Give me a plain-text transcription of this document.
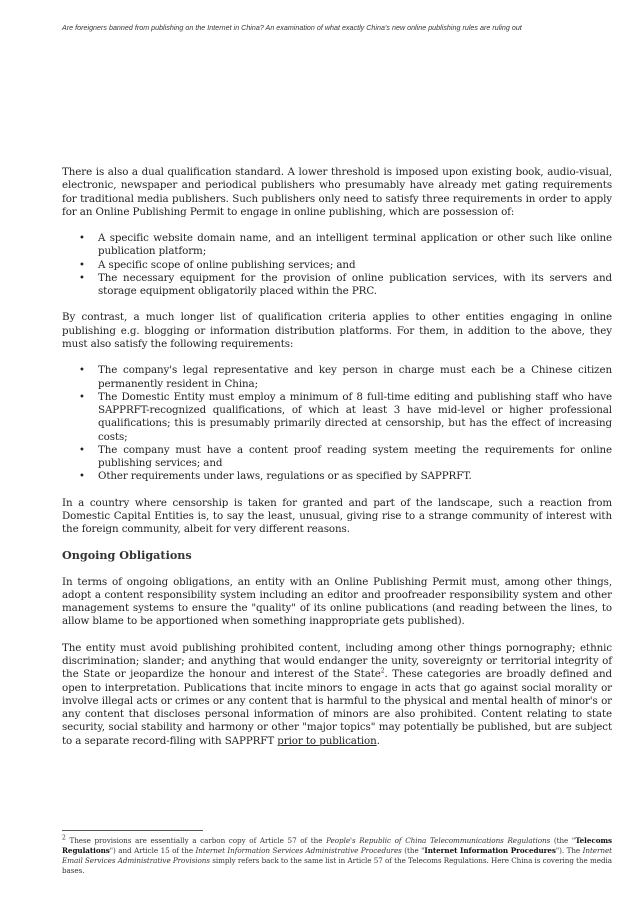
Are foreigners banned from publishing on the Internet in China? An examination of what exactly China’s new online publishing rules are ruling out

There is also a dual qualification standard. A lower threshold is imposed upon existing book, audio-visual, electronic, newspaper and periodical publishers who presumably have already met gating requirements for traditional media publishers. Such publishers only need to satisfy three requirements in order to apply for an Online Publishing Permit to engage in online publishing, which are possession of:

• A specific website domain name, and an intelligent terminal application or other such like online publication platform;
• A specific scope of online publishing services; and
• The necessary equipment for the provision of online publication services, with its servers and storage equipment obligatorily placed within the PRC.

By contrast, a much longer list of qualification criteria applies to other entities engaging in online publishing e.g. blogging or information distribution platforms. For them, in addition to the above, they must also satisfy the following requirements:

• The company's legal representative and key person in charge must each be a Chinese citizen permanently resident in China;
• The Domestic Entity must employ a minimum of 8 full-time editing and publishing staff who have SAPPRFT-recognized qualifications, of which at least 3 have mid-level or higher professional qualifications; this is presumably primarily directed at censorship, but has the effect of increasing costs;
• The company must have a content proof reading system meeting the requirements for online publishing services; and
• Other requirements under laws, regulations or as specified by SAPPRFT.

In a country where censorship is taken for granted and part of the landscape, such a reaction from Domestic Capital Entities is, to say the least, unusual, giving rise to a strange community of interest with the foreign community, albeit for very different reasons.

Ongoing Obligations

In terms of ongoing obligations, an entity with an Online Publishing Permit must, among other things, adopt a content responsibility system including an editor and proofreader responsibility system and other management systems to ensure the "quality" of its online publications (and reading between the lines, to allow blame to be apportioned when something inappropriate gets published).

The entity must avoid publishing prohibited content, including among other things pornography; ethnic discrimination; slander; and anything that would endanger the unity, sovereignty or territorial integrity of the State or jeopardize the honour and interest of the State$^2$. These categories are broadly defined and open to interpretation. Publications that incite minors to engage in acts that go against social morality or involve illegal acts or crimes or any content that is harmful to the physical and mental health of minor's or any content that discloses personal information of minors are also prohibited. Content relating to state security, social stability and harmony or other "major topics" may potentially be published, but are subject to a separate record-filing with SAPPRFT prior to publication.

$^2$ These provisions are essentially a carbon copy of Article 57 of the People's Republic of China Telecommunications Regulations (the "Telecoms Regulations") and Article 15 of the Internet Information Services Administrative Procedures (the "Internet Information Procedures"). The Internet Email Services Administrative Provisions simply refers back to the same list in Article 57 of the Telecoms Regulations. Here China is covering the media bases.
